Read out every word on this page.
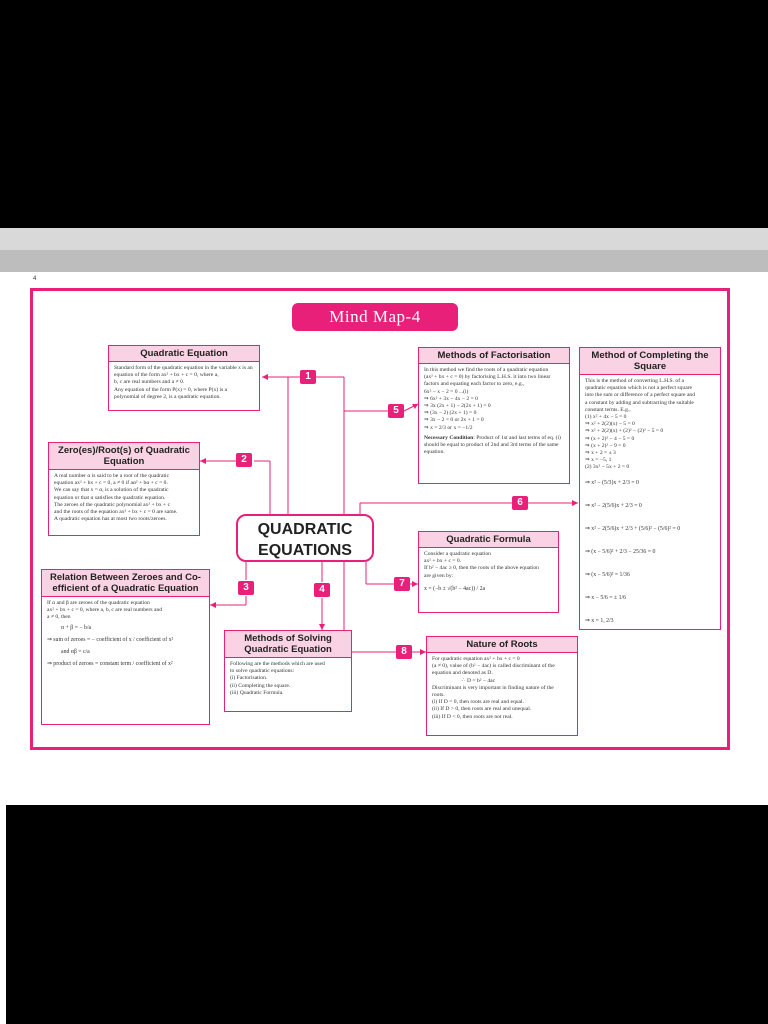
4
Mind Map-4
QUADRATIC
EQUATIONS
1
2
3	4
5
6
7
8
Quadratic Equation

Standard form of the quadratic equation in the variable x is an equation of the form ax² + bx + c = 0, where a,

b, c are real numbers and a ≠ 0.

Any equation of the form P(x) = 0, where P(x) is a

polynomial of degree 2, is a quadratic equation.

Zero(es)/Root(s) of Quadratic Equation

A real number α is said to be a root of the quadratic

equation ax² + bx + c = 0, a ≠ 0 if aα² + bα + c = 0.

We can say that x = α, is a solution of the quadratic

equation or that α satisfies the quadratic equation.

The zeroes of the quadratic polynomial ax² + bx + c

and the roots of the equation ax² + bx + c = 0 are same.

A quadratic equation has at most two roots/zeroes.

Relation Between Zeroes and Co-efficient of a Quadratic Equation

If α and β are zeroes of the quadratic equation

ax² + bx + c = 0, where a, b, c are real numbers and

a ≠ 0, then

α + β = − b/a

⇒ sum of zeroes = − coefficient of x / coefficient of x²

and αβ = c/a

⇒ product of zeroes = constant term / coefficient of x²

Methods of Solving Quadratic Equation

Following are the methods which are used

to solve quadratic equations:

(i) Factorisation.

(ii) Completing the square.

(iii) Quadratic Formula.

Methods of Factorisation

In this method we find the roots of a quadratic equation

(ax² + bx + c = 0) by factorising L.H.S. it into two linear

factors and equating each factor to zero, e.g.,

6x² − x − 2 = 0 ...(i)

⇒ 6x² + 3x − 4x − 2 = 0

⇒ 3x (2x + 1) − 2(2x + 1) = 0

⇒ (3x − 2) (2x + 1) = 0

⇒ 3x − 2 = 0 or 2x + 1 = 0

⇒ x = 2/3 or x = −1/2

Necessary Condition: Product of 1st and last terms of eq. (i) should be equal to product of 2nd and 3rd terms of the same equation.

Method of Completing the Square

This is the method of converting L.H.S. of a

quadratic equation which is not a perfect square

into the sum or difference of a perfect square and

a constant by adding and subtracting the suitable

constant terms. E.g.,

(1) x² + 4x − 5 = 0

⇒ x² + 2(2)(x) − 5 = 0

⇒ x² + 2(2)(x) + (2)² − (2)² − 5 = 0

⇒ (x + 2)² − 4 − 5 = 0

⇒ (x + 2)² − 9 = 0

⇒ x + 2 = ± 3

⇒ x = −5, 1

(2) 3x² − 5x + 2 = 0

⇒ x² − (5/3)x + 2/3 = 0

⇒ x² − 2(5/6)x + 2/3 = 0

⇒ x² − 2(5/6)x + 2/3 + (5/6)² − (5/6)² = 0

⇒ (x − 5/6)² + 2/3 − 25/36 = 0

⇒ (x − 5/6)² = 1/36

⇒ x − 5/6 = ± 1/6

⇒ x = 1, 2/3

Quadratic Formula

Consider a quadratic equation

ax² + bx + c = 0.

If b² − 4ac ≥ 0, then the roots of the above equation

are given by:

x = (−b ± √(b² − 4ac)) / 2a

Nature of Roots

For quadratic equation ax² + bx + c = 0

(a ≠ 0), value of (b² − 4ac) is called discriminant of the

equation and denoted as D.

∴ D = b² − 4ac

Discriminant is very important in finding nature of the

roots.

(i) If D = 0, then roots are real and equal.

(ii) If D > 0, then roots are real and unequal.

(iii) If D < 0, then roots are not real.
